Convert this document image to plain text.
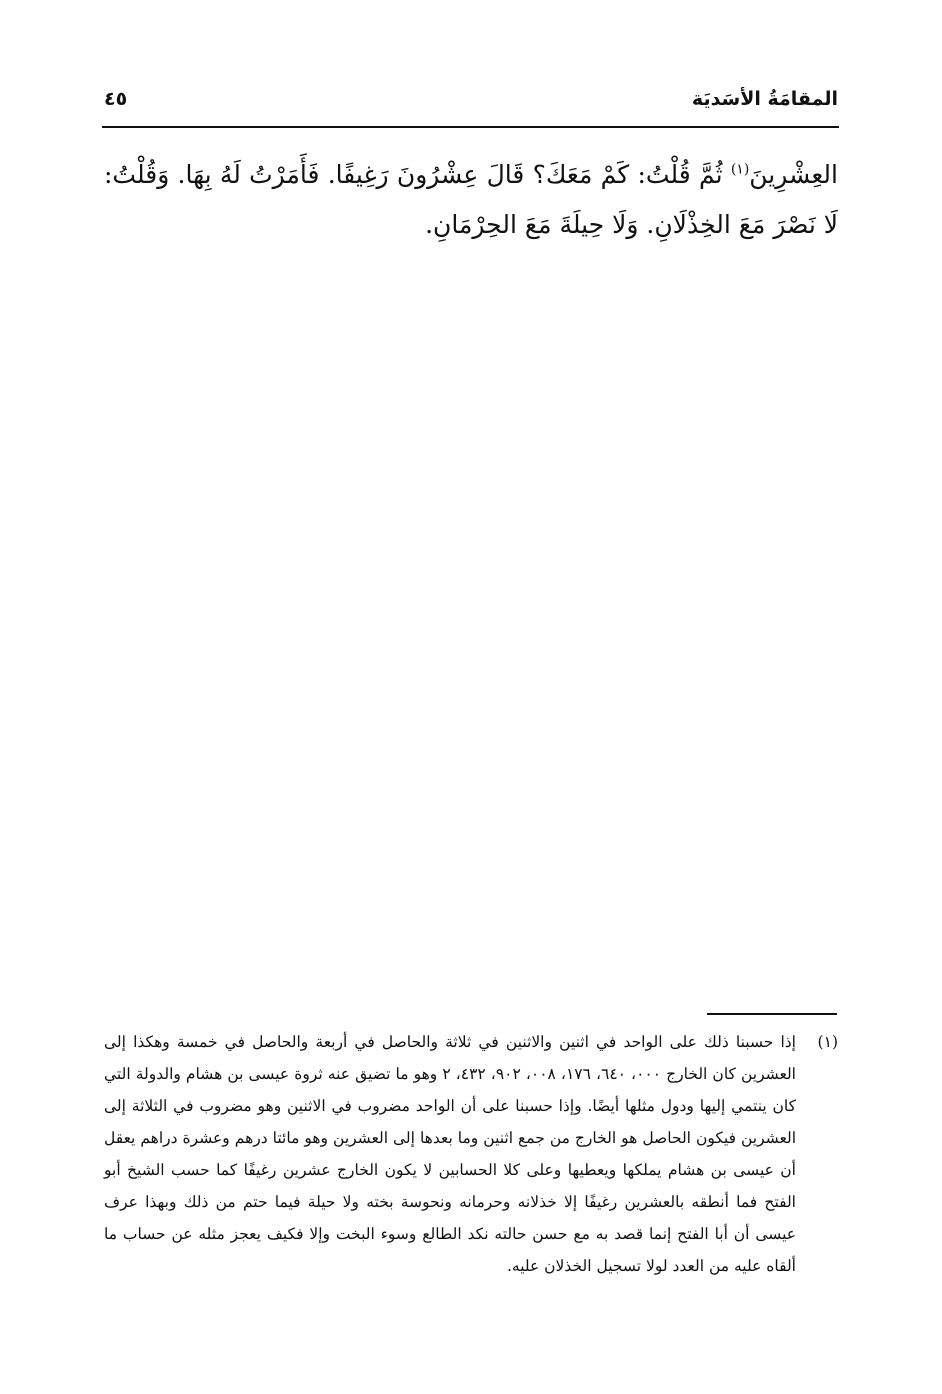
المقامَةُ الأسَديَة
٤٥

العِشْرِينَ$^{(١)}$ ثُمَّ قُلْتُ: كَمْ مَعَكَ؟ قَالَ عِشْرُونَ رَغِيفًا. فَأَمَرْتُ لَهُ بِهَا. وَقُلْتُ: لَا نَصْرَ مَعَ الخِذْلَانِ. وَلَا حِيلَةَ مَعَ الحِرْمَانِ.

(١)
إذا حسبنا ذلك على الواحد في اثنين والاثنين في ثلاثة والحاصل في أربعة والحاصل في خمسة وهكذا إلى العشرين كان الخارج ٠٠٠، ٦٤٠، ١٧٦، ٠٠٨، ٩٠٢، ٤٣٢، ٢ وهو ما تضيق عنه ثروة عيسى بن هشام والدولة التي كان ينتمي إليها ودول مثلها أيضًا. وإذا حسبنا على أن الواحد مضروب في الاثنين وهو مضروب في الثلاثة إلى العشرين فيكون الحاصل هو الخارج من جمع اثنين وما بعدها إلى العشرين وهو مائتا درهم وعشرة دراهم يعقل أن عيسى بن هشام يملكها ويعطيها وعلى كلا الحسابين لا يكون الخارج عشرين رغيفًا كما حسب الشيخ أبو الفتح فما أنطقه بالعشرين رغيفًا إلا خذلانه وحرمانه ونحوسة بخته ولا حيلة فيما حتم من ذلك وبهذا عرف عيسى أن أبا الفتح إنما قصد به مع حسن حالته نكد الطالع وسوء البخت وإلا فكيف يعجز مثله عن حساب ما ألقاه عليه من العدد لولا تسجيل الخذلان عليه.
